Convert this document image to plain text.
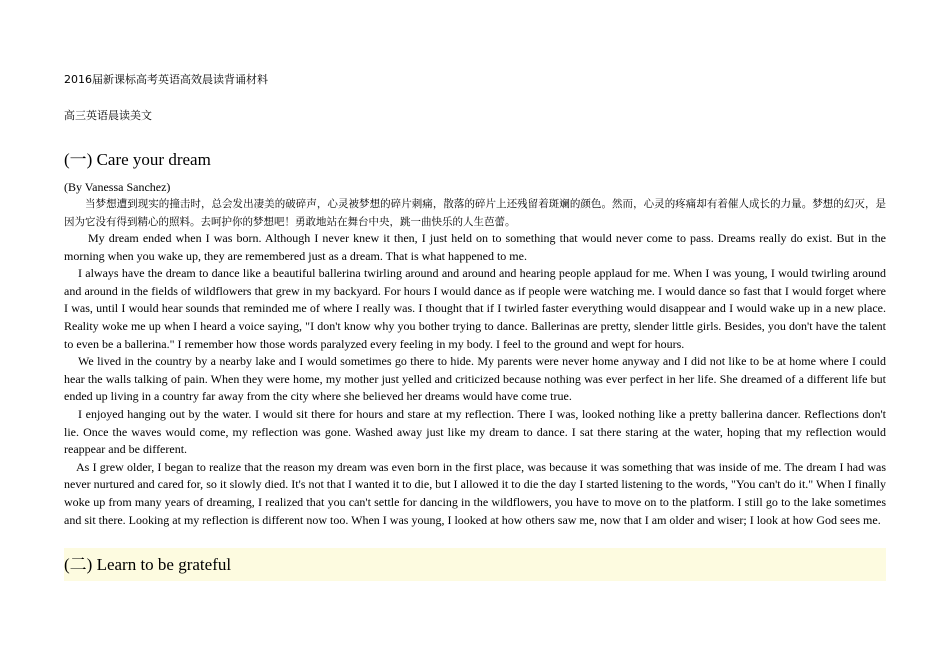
2016届新课标高考英语高效晨读背诵材料
高三英语晨读美文
(一) Care your dream
(By Vanessa Sanchez)
当梦想遭到现实的撞击时，总会发出凄美的破碎声，心灵被梦想的碎片刺痛，散落的碎片上还残留着斑斓的颜色。然而，心灵的疼痛却有着催人成长的力量。梦想的幻灭，是因为它没有得到精心的照料。去呵护你的梦想吧！勇敢地站在舞台中央，跳一曲快乐的人生芭蕾。

My dream ended when I was born. Although I never knew it then, I just held on to something that would never come to pass. Dreams really do exist. But in the morning when you wake up, they are remembered just as a dream. That is what happened to me.

I always have the dream to dance like a beautiful ballerina twirling around and around and hearing people applaud for me. When I was young, I would twirling around and around in the fields of wildflowers that grew in my backyard. For hours I would dance as if people were watching me. I would dance so fast that I would forget where I was, until I would hear sounds that reminded me of where I really was. I thought that if I twirled faster everything would disappear and I would wake up in a new place. Reality woke me up when I heard a voice saying, "I don't know why you bother trying to dance. Ballerinas are pretty, slender little girls. Besides, you don't have the talent to even be a ballerina." I remember how those words paralyzed every feeling in my body. I feel to the ground and wept for hours.

We lived in the country by a nearby lake and I would sometimes go there to hide. My parents were never home anyway and I did not like to be at home where I could hear the walls talking of pain. When they were home, my mother just yelled and criticized because nothing was ever perfect in her life. She dreamed of a different life but ended up living in a country far away from the city where she believed her dreams would have come true.

I enjoyed hanging out by the water. I would sit there for hours and stare at my reflection. There I was, looked nothing like a pretty ballerina dancer. Reflections don't lie. Once the waves would come, my reflection was gone. Washed away just like my dream to dance. I sat there staring at the water, hoping that my reflection would reappear and be different.

As I grew older, I began to realize that the reason my dream was even born in the first place, was because it was something that was inside of me. The dream I had was never nurtured and cared for, so it slowly died. It's not that I wanted it to die, but I allowed it to die the day I started listening to the words, "You can't do it." When I finally woke up from many years of dreaming, I realized that you can't settle for dancing in the wildflowers, you have to move on to the platform. I still go to the lake sometimes and sit there. Looking at my reflection is different now too. When I was young, I looked at how others saw me, now that I am older and wiser; I look at how God sees me.

(二) Learn to be grateful
